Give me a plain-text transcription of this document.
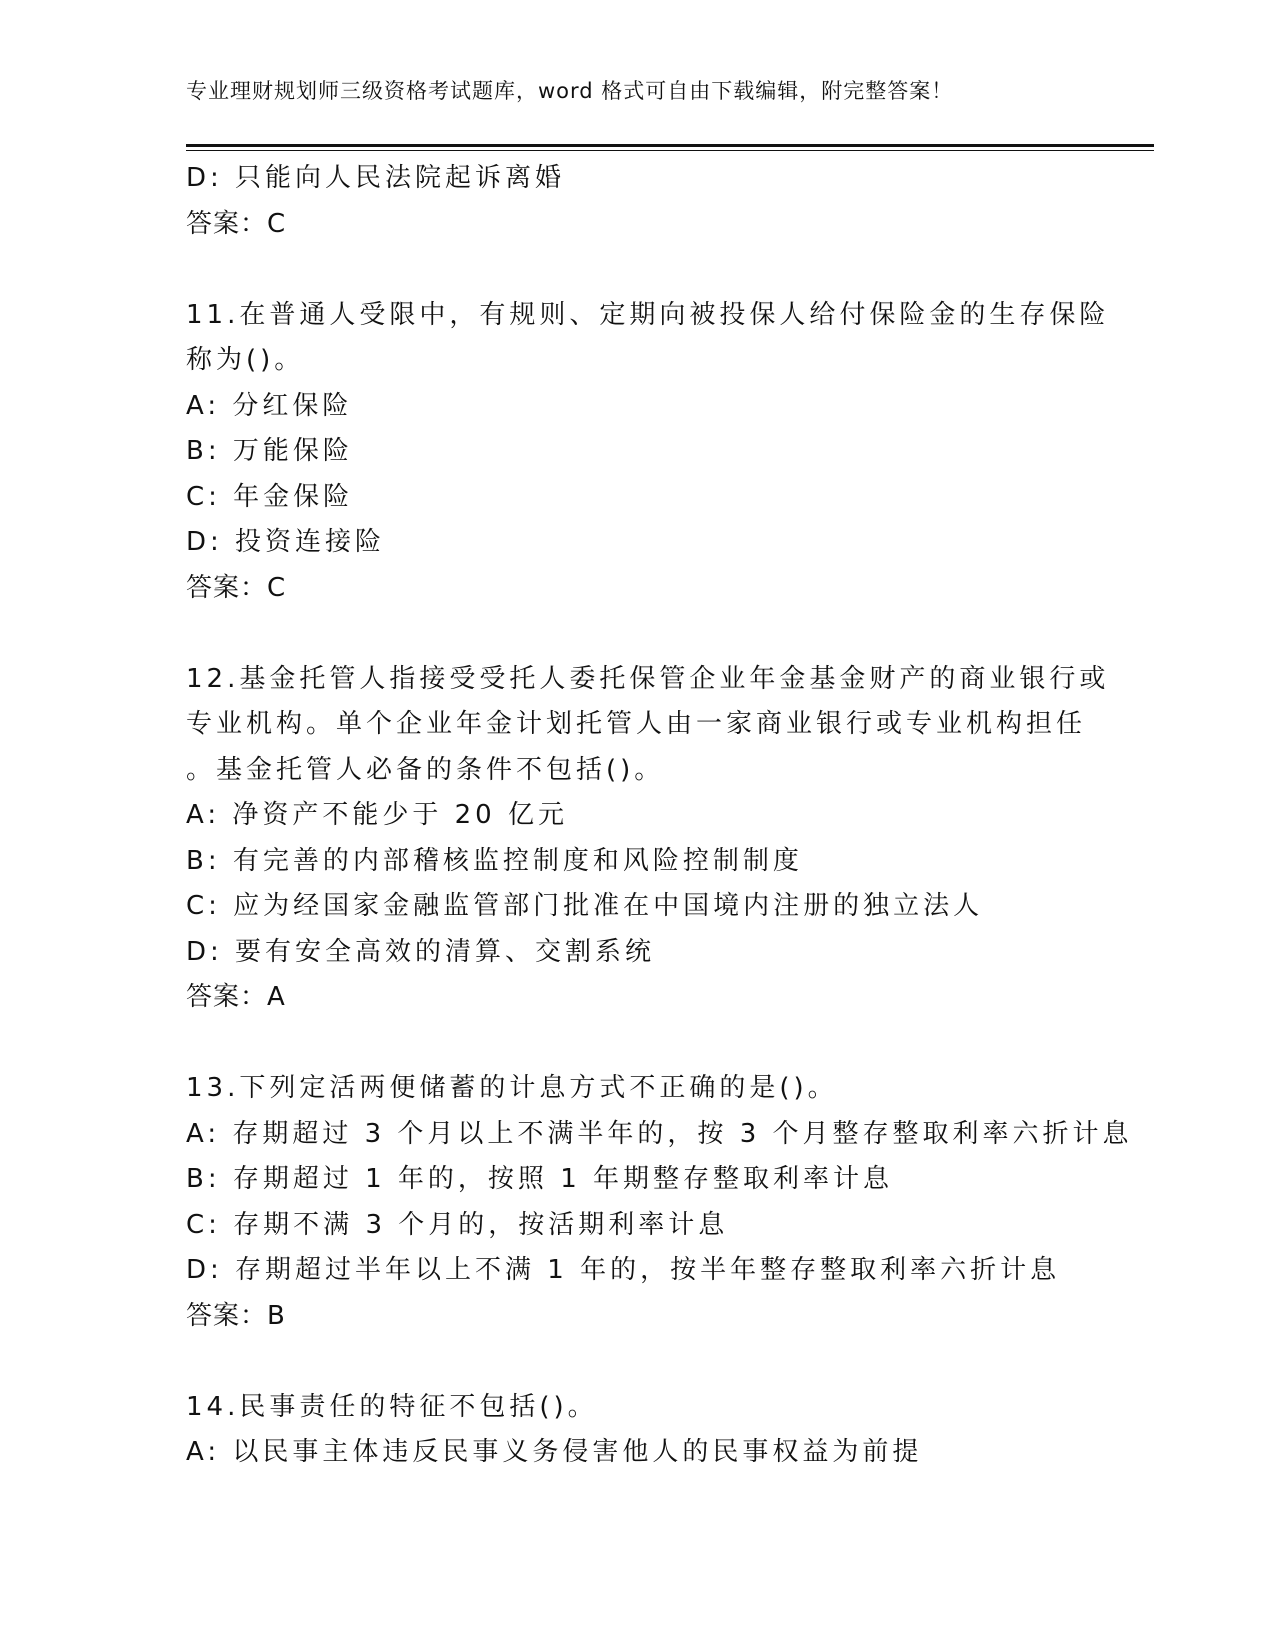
专业理财规划师三级资格考试题库，word 格式可自由下载编辑，附完整答案！
D: 只能向人民法院起诉离婚
答案：C
11.在普通人受限中，有规则、定期向被投保人给付保险金的生存保险
称为()。
A: 分红保险
B: 万能保险
C: 年金保险
D: 投资连接险
答案：C
12.基金托管人指接受受托人委托保管企业年金基金财产的商业银行或
专业机构。单个企业年金计划托管人由一家商业银行或专业机构担任
。基金托管人必备的条件不包括()。
A: 净资产不能少于 20 亿元
B: 有完善的内部稽核监控制度和风险控制制度
C: 应为经国家金融监管部门批准在中国境内注册的独立法人
D: 要有安全高效的清算、交割系统
答案：A
13.下列定活两便储蓄的计息方式不正确的是()。
A: 存期超过 3 个月以上不满半年的，按 3 个月整存整取利率六折计息
B: 存期超过 1 年的，按照 1 年期整存整取利率计息
C: 存期不满 3 个月的，按活期利率计息
D: 存期超过半年以上不满 1 年的，按半年整存整取利率六折计息
答案：B
14.民事责任的特征不包括()。
A: 以民事主体违反民事义务侵害他人的民事权益为前提
